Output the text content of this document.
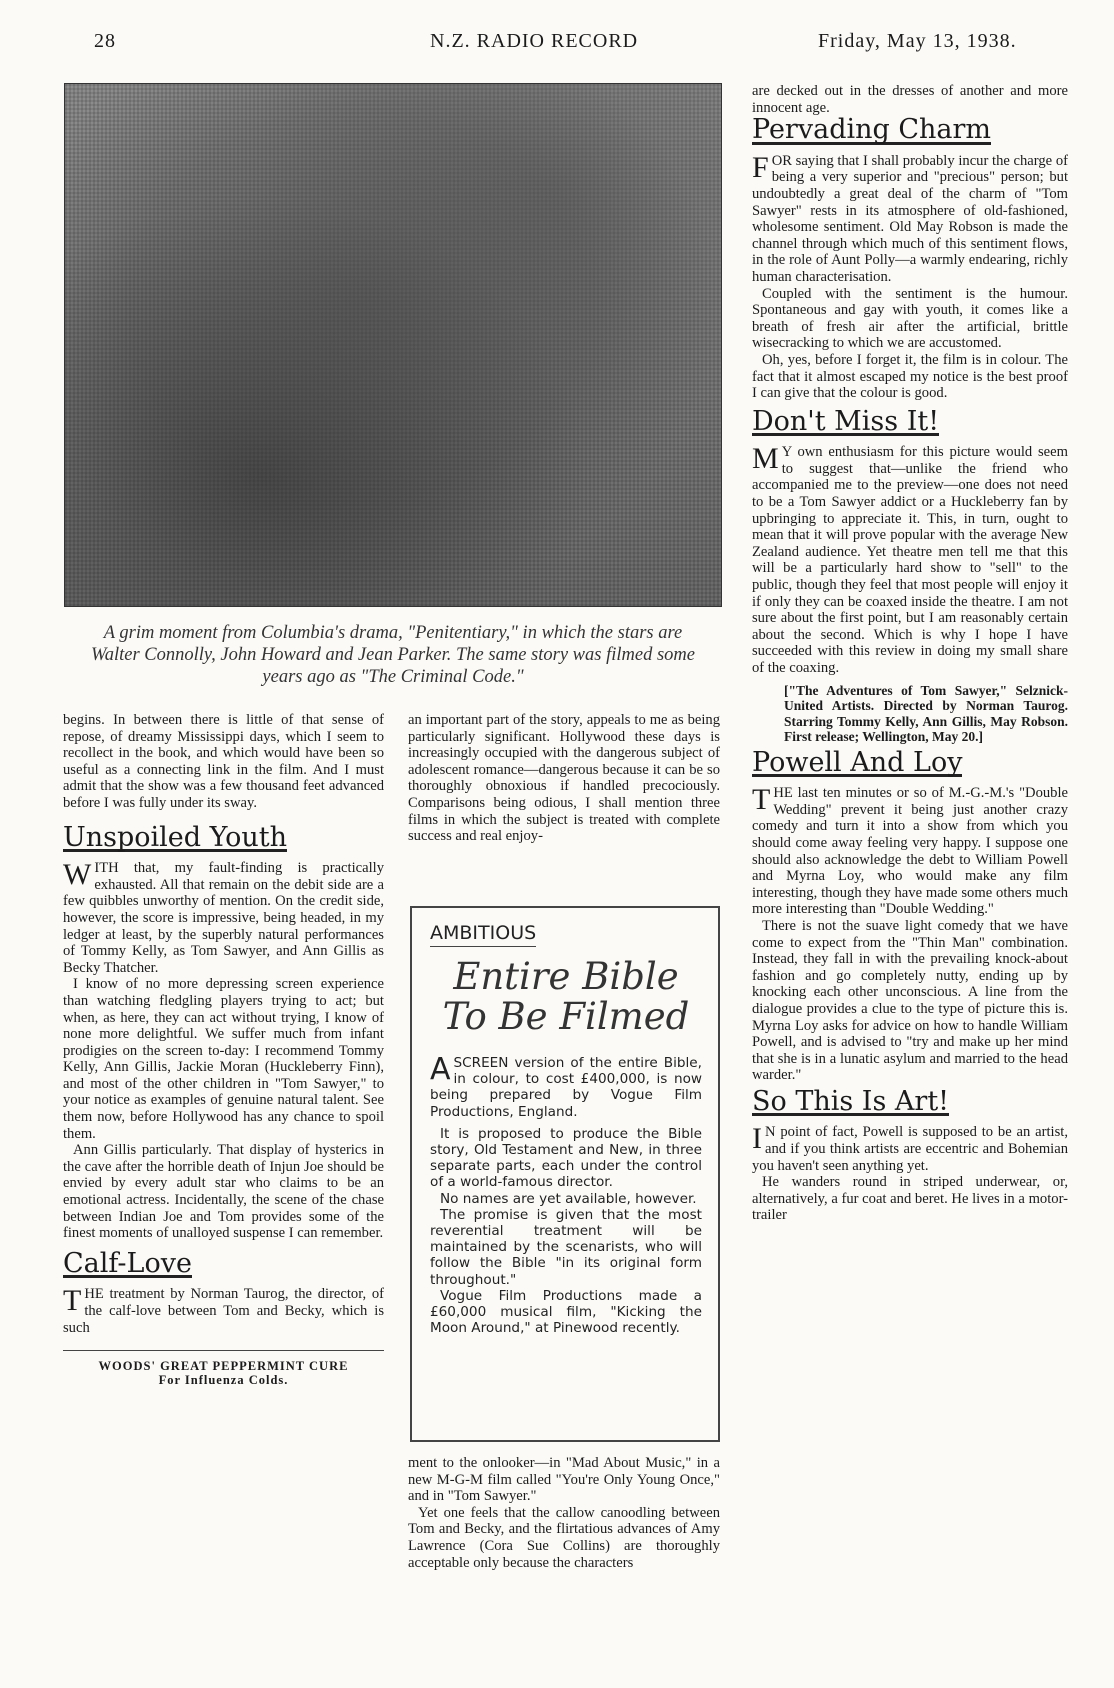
28	N.Z. RADIO RECORD	Friday, May 13, 1938.
A grim moment from Columbia's drama, "Penitentiary," in which the stars are Walter Connolly, John Howard and Jean Parker. The same story was filmed some years ago as "The Criminal Code."

begins. In between there is little of that sense of repose, of dreamy Mississippi days, which I seem to recollect in the book, and which would have been so useful as a connecting link in the film. And I must admit that the show was a few thousand feet advanced before I was fully under its sway.

Unspoiled Youth

WITH that, my fault-finding is practically exhausted. All that remain on the debit side are a few quibbles unworthy of mention. On the credit side, however, the score is impressive, being headed, in my ledger at least, by the superbly natural performances of Tommy Kelly, as Tom Sawyer, and Ann Gillis as Becky Thatcher.

I know of no more depressing screen experience than watching fledgling players trying to act; but when, as here, they can act without trying, I know of none more delightful. We suffer much from infant prodigies on the screen to-day: I recommend Tommy Kelly, Ann Gillis, Jackie Moran (Huckleberry Finn), and most of the other children in "Tom Sawyer," to your notice as examples of genuine natural talent. See them now, before Hollywood has any chance to spoil them.

Ann Gillis particularly. That display of hysterics in the cave after the horrible death of Injun Joe should be envied by every adult star who claims to be an emotional actress. Incidentally, the scene of the chase between Indian Joe and Tom provides some of the finest moments of unalloyed suspense I can remember.

Calf-Love

THE treatment by Norman Taurog, the director, of the calf-love between Tom and Becky, which is such

WOODS' GREAT PEPPERMINT CURE
For Influenza Colds.

an important part of the story, appeals to me as being particularly significant. Hollywood these days is increasingly occupied with the dangerous subject of adolescent romance—dangerous because it can be so thoroughly obnoxious if handled precociously. Comparisons being odious, I shall mention three films in which the subject is treated with complete success and real enjoy-

AMBITIOUS
Entire Bible To Be Filmed

ASCREEN version of the entire Bible, in colour, to cost £400,000, is now being prepared by Vogue Film Productions, England.

It is proposed to produce the Bible story, Old Testament and New, in three separate parts, each under the control of a world-famous director.

No names are yet available, however.

The promise is given that the most reverential treatment will be maintained by the scenarists, who will follow the Bible "in its original form throughout."

Vogue Film Productions made a £60,000 musical film, "Kicking the Moon Around," at Pinewood recently.

ment to the onlooker—in "Mad About Music," in a new M-G-M film called "You're Only Young Once," and in "Tom Sawyer."

Yet one feels that the callow canoodling between Tom and Becky, and the flirtatious advances of Amy Lawrence (Cora Sue Collins) are thoroughly acceptable only because the characters

are decked out in the dresses of another and more innocent age.

Pervading Charm

FOR saying that I shall probably incur the charge of being a very superior and "precious" person; but undoubtedly a great deal of the charm of "Tom Sawyer" rests in its atmosphere of old-fashioned, wholesome sentiment. Old May Robson is made the channel through which much of this sentiment flows, in the role of Aunt Polly—a warmly endearing, richly human characterisation.

Coupled with the sentiment is the humour. Spontaneous and gay with youth, it comes like a breath of fresh air after the artificial, brittle wisecracking to which we are accustomed.

Oh, yes, before I forget it, the film is in colour. The fact that it almost escaped my notice is the best proof I can give that the colour is good.

Don't Miss It!

M Y own enthusiasm for this picture would seem to suggest that—unlike the friend who accompanied me to the preview—one does not need to be a Tom Sawyer addict or a Huckleberry fan by upbringing to appreciate it. This, in turn, ought to mean that it will prove popular with the average New Zealand audience. Yet theatre men tell me that this will be a particularly hard show to "sell" to the public, though they feel that most people will enjoy it if only they can be coaxed inside the theatre. I am not sure about the first point, but I am reasonably certain about the second. Which is why I hope I have succeeded with this review in doing my small share of the coaxing.

["The Adventures of Tom Sawyer," Selznick-United Artists. Directed by Norman Taurog. Starring Tommy Kelly, Ann Gillis, May Robson. First release; Wellington, May 20.]

Powell And Loy

THE last ten minutes or so of M.-G.-M.'s "Double Wedding" prevent it being just another crazy comedy and turn it into a show from which you should come away feeling very happy. I suppose one should also acknowledge the debt to William Powell and Myrna Loy, who would make any film interesting, though they have made some others much more interesting than "Double Wedding."

There is not the suave light comedy that we have come to expect from the "Thin Man" combination. Instead, they fall in with the prevailing knock-about fashion and go completely nutty, ending up by knocking each other unconscious. A line from the dialogue provides a clue to the type of picture this is. Myrna Loy asks for advice on how to handle William Powell, and is advised to "try and make up her mind that she is in a lunatic asylum and married to the head warder."

So This Is Art!

I N point of fact, Powell is supposed to be an artist, and if you think artists are eccentric and Bohemian you haven't seen anything yet.

He wanders round in striped underwear, or, alternatively, a fur coat and beret. He lives in a motor-trailer
